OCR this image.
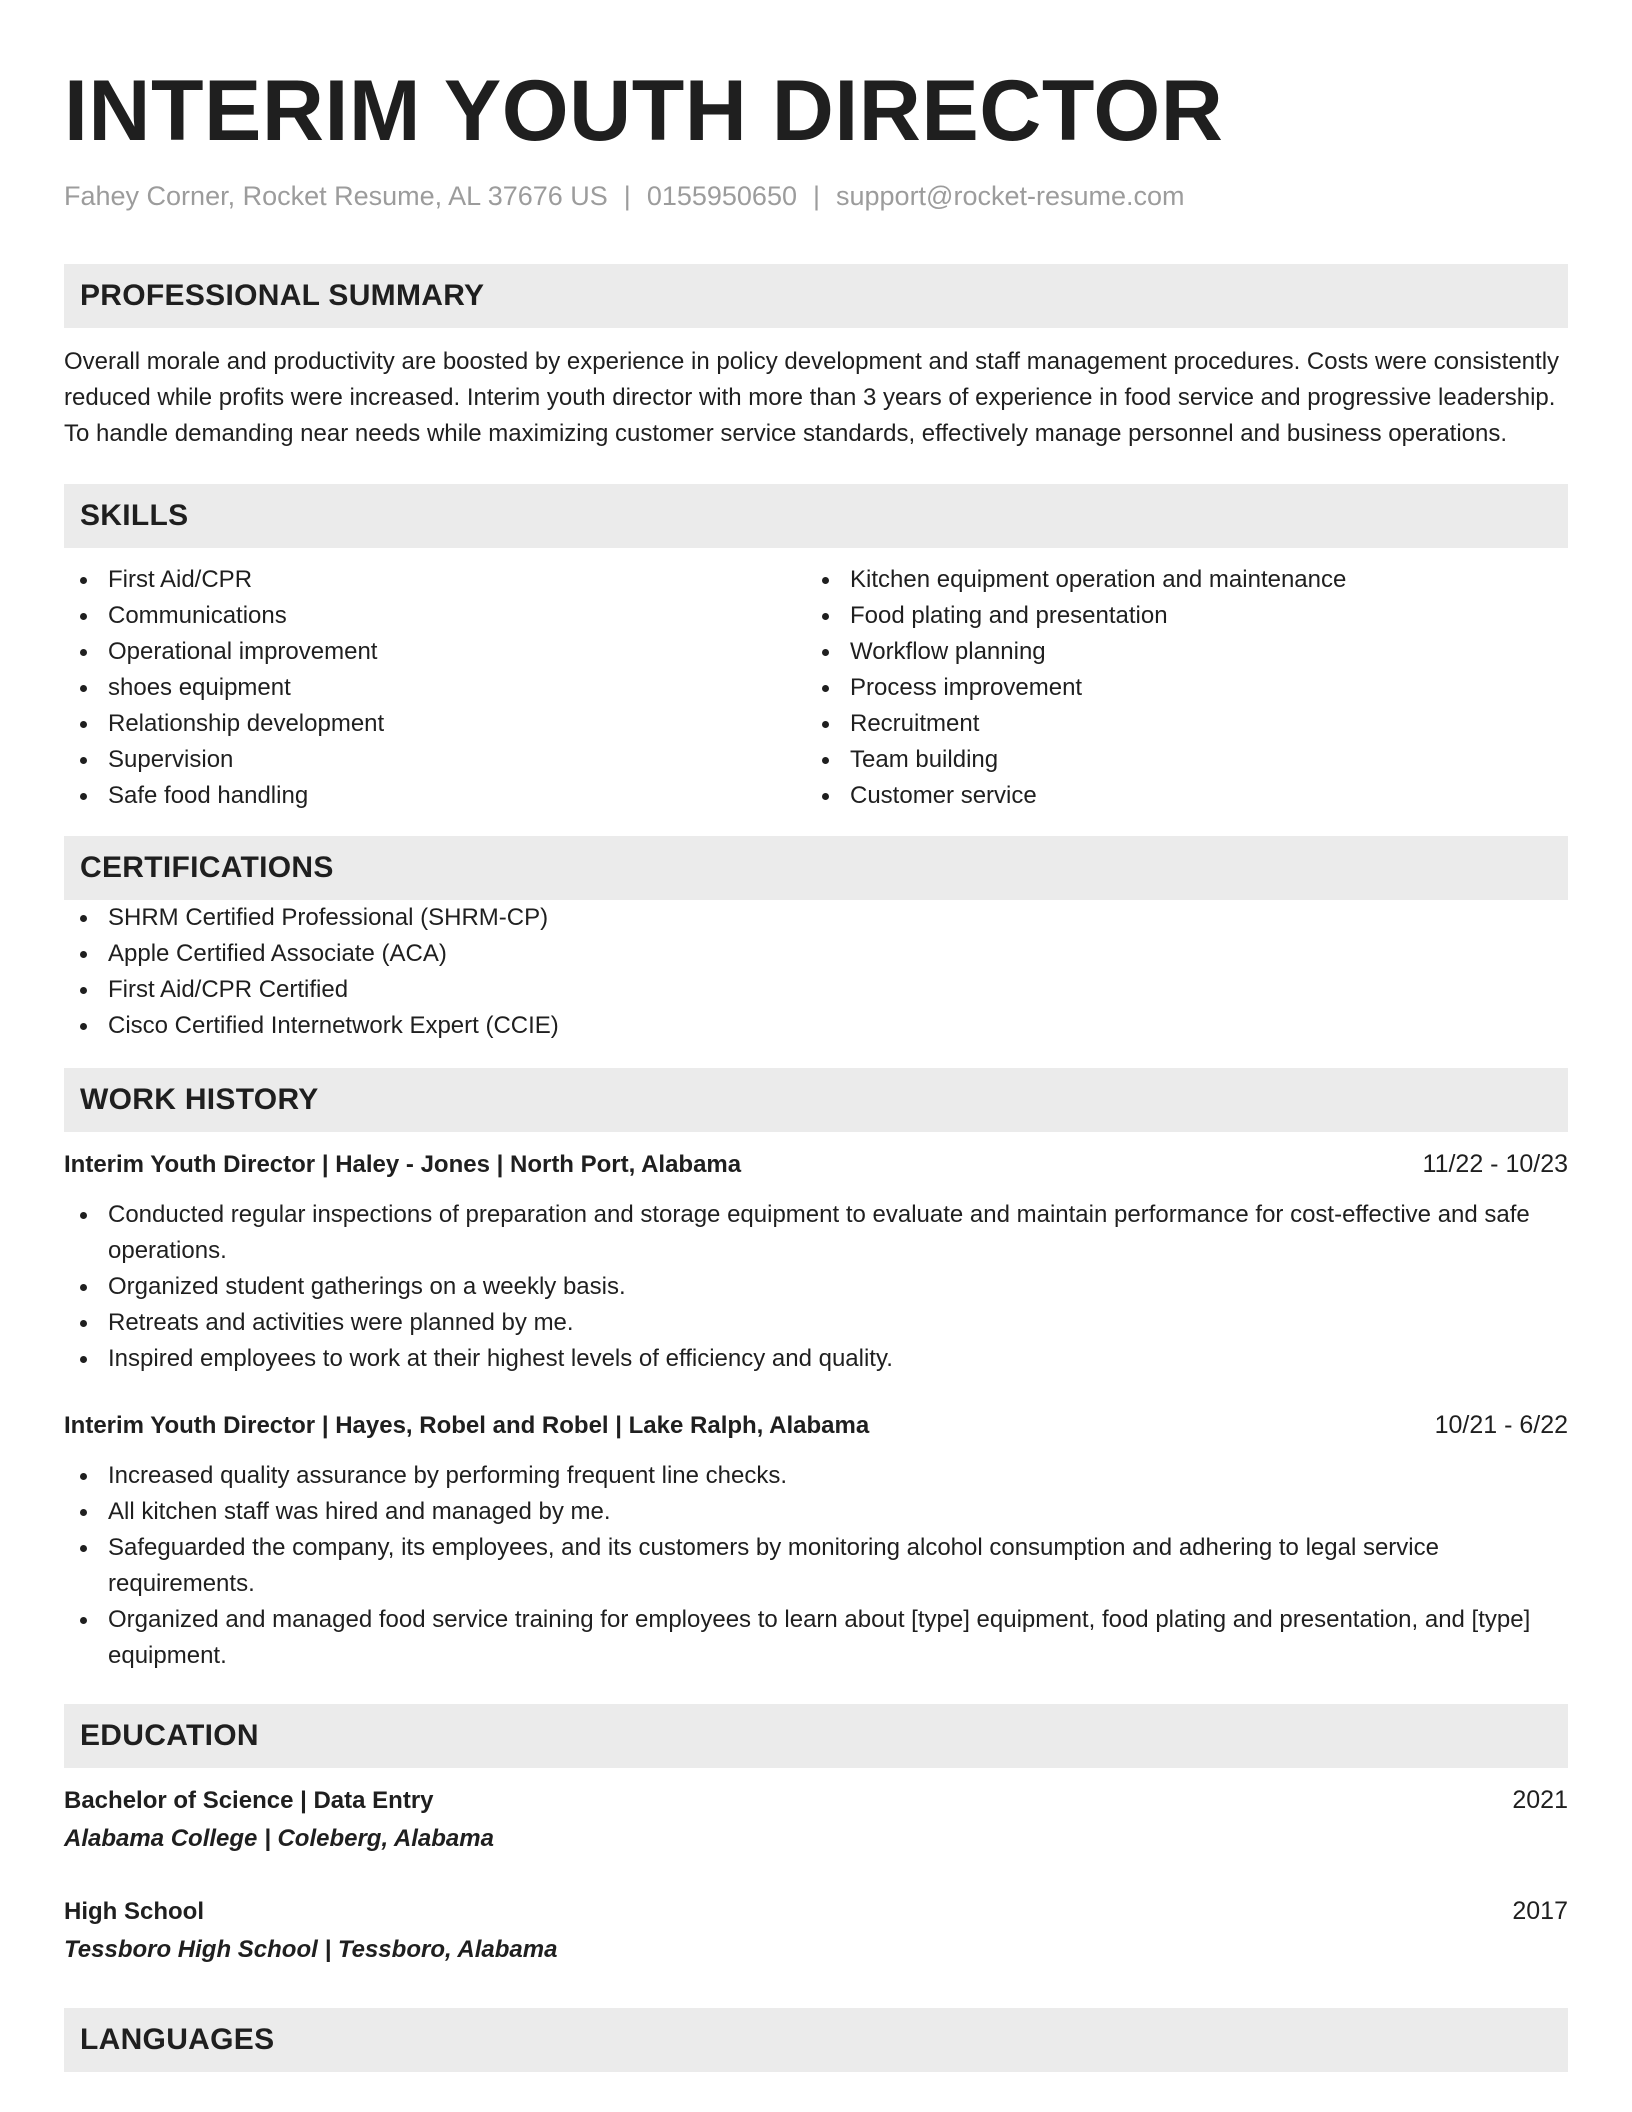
INTERIM YOUTH DIRECTOR
Fahey Corner, Rocket Resume, AL 37676 US | 0155950650 | support@rocket-resume.com
PROFESSIONAL SUMMARY
Overall morale and productivity are boosted by experience in policy development and staff management procedures. Costs were consistently reduced while profits were increased. Interim youth director with more than 3 years of experience in food service and progressive leadership. To handle demanding near needs while maximizing customer service standards, effectively manage personnel and business operations.
SKILLS
First Aid/CPR
Communications
Operational improvement
shoes equipment
Relationship development
Supervision
Safe food handling
Kitchen equipment operation and maintenance
Food plating and presentation
Workflow planning
Process improvement
Recruitment
Team building
Customer service
CERTIFICATIONS
SHRM Certified Professional (SHRM-CP)
Apple Certified Associate (ACA)
First Aid/CPR Certified
Cisco Certified Internetwork Expert (CCIE)
WORK HISTORY
Interim Youth Director | Haley - Jones | North Port, Alabama	11/22 - 10/23
Conducted regular inspections of preparation and storage equipment to evaluate and maintain performance for cost-effective and safe operations.
Organized student gatherings on a weekly basis.
Retreats and activities were planned by me.
Inspired employees to work at their highest levels of efficiency and quality.
Interim Youth Director | Hayes, Robel and Robel | Lake Ralph, Alabama	10/21 - 6/22
Increased quality assurance by performing frequent line checks.
All kitchen staff was hired and managed by me.
Safeguarded the company, its employees, and its customers by monitoring alcohol consumption and adhering to legal service requirements.
Organized and managed food service training for employees to learn about [type] equipment, food plating and presentation, and [type] equipment.
EDUCATION
Bachelor of Science | Data Entry	2021
Alabama College | Coleberg, Alabama
High School	2017
Tessboro High School | Tessboro, Alabama
LANGUAGES
